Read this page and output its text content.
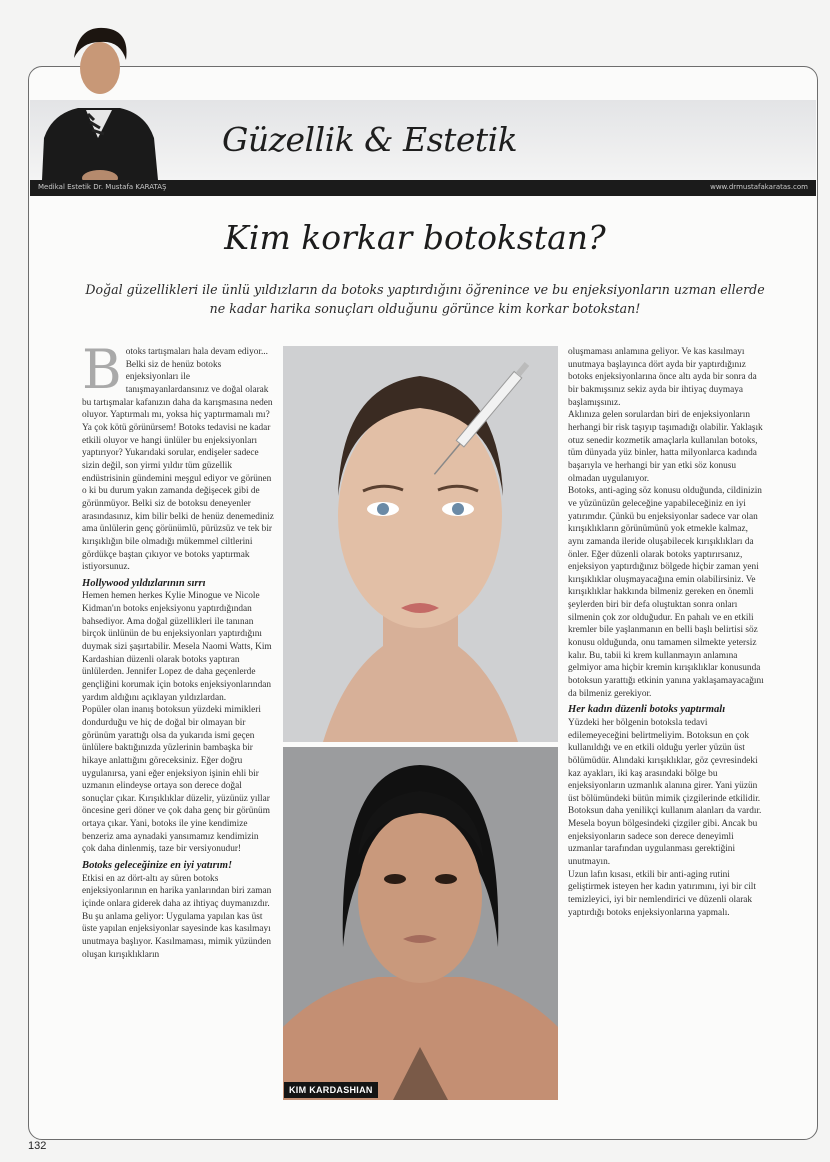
Güzellik & Estetik
Medikal Estetik Dr. Mustafa KARATAŞ	www.drmustafakaratas.com
Kim korkar botokstan?
Doğal güzellikleri ile ünlü yıldızların da botoks yaptırdığını öğrenince ve bu enjeksiyonların uzman ellerde ne kadar harika sonuçları olduğunu görünce kim korkar botokstan!
B otoks tartışmaları hala devam ediyor... Belki siz de henüz botoks enjeksiyonları ile tanışmayanlardansınız ve doğal olarak bu tartışmalar kafanızın daha da karışmasına neden oluyor. Yaptırmalı mı, yoksa hiç yaptırmamalı mı? Ya çok kötü görünürsem! Botoks tedavisi ne kadar etkili oluyor ve hangi ünlüler bu enjeksiyonları yaptırıyor? Yukarıdaki sorular, endişeler sadece sizin değil, son yirmi yıldır tüm güzellik endüstrisinin gündemini meşgul ediyor ve görünen o ki bu durum yakın zamanda değişecek gibi de görünmüyor. Belki siz de botoksu deneyenler arasındasınız, kim bilir belki de henüz denemediniz ama ünlülerin genç görünümlü, pürüzsüz ve tek bir kırışıklığın bile olmadığı mükemmel ciltlerini gördükçe baştan çıkıyor ve botoks yaptırmak istiyorsunuz.

Hollywood yıldızlarının sırrı

Hemen hemen herkes Kylie Minogue ve Nicole Kidman'ın botoks enjeksiyonu yaptırdığından bahsediyor. Ama doğal güzellikleri ile tanınan birçok ünlünün de bu enjeksiyonları yaptırdığını duymak sizi şaşırtabilir. Mesela Naomi Watts, Kim Kardashian düzenli olarak botoks yaptıran ünlülerden. Jennifer Lopez de daha geçenlerde gençliğini korumak için botoks enjeksiyonlarından yardım aldığını açıklayan yıldızlardan.

Popüler olan inanış botoksun yüzdeki mimikleri dondurduğu ve hiç de doğal bir olmayan bir görünüm yarattığı olsa da yukarıda ismi geçen ünlülere baktığınızda yüzlerinin bambaşka bir hikaye anlattığını göreceksiniz. Eğer doğru uygulanırsa, yani eğer enjeksiyon işinin ehli bir uzmanın elindeyse ortaya son derece doğal sonuçlar çıkar. Kırışıklıklar düzelir, yüzünüz yıllar öncesine geri döner ve çok daha genç bir görünüm ortaya çıkar. Yani, botoks ile yine kendimize benzeriz ama aynadaki yansımamız kendimizin çok daha dinlenmiş, taze bir versiyonudur!

Botoks geleceğinize en iyi yatırım!

Etkisi en az dört-altı ay süren botoks enjeksiyonlarının en harika yanlarından biri zaman içinde onlara giderek daha az ihtiyaç duymanızdır. Bu şu anlama geliyor: Uygulama yapılan kas üst üste yapılan enjeksiyonlar sayesinde kas kasılmayı unutmaya başlıyor. Kasılmaması, mimik yüzünden oluşan kırışıklıkların

KIM KARDASHIAN

oluşmaması anlamına geliyor. Ve kas kasılmayı unutmaya başlayınca dört ayda bir yaptırdığınız botoks enjeksiyonlarına önce altı ayda bir sonra da bir bakmışsınız sekiz ayda bir ihtiyaç duymaya başlamışsınız.

Aklınıza gelen sorulardan biri de enjeksiyonların herhangi bir risk taşıyıp taşımadığı olabilir. Yaklaşık otuz senedir kozmetik amaçlarla kullanılan botoks, tüm dünyada yüz binler, hatta milyonlarca kadında başarıyla ve herhangi bir yan etki söz konusu olmadan uygulanıyor.

Botoks, anti-aging söz konusu olduğunda, cildinizin ve yüzünüzün geleceğine yapabileceğiniz en iyi yatırımdır. Çünkü bu enjeksiyonlar sadece var olan kırışıklıkların görünümünü yok etmekle kalmaz, aynı zamanda ileride oluşabilecek kırışıklıkları da önler. Eğer düzenli olarak botoks yaptırırsanız, enjeksiyon yaptırdığınız bölgede hiçbir zaman yeni kırışıklıklar oluşmayacağına emin olabilirsiniz. Ve kırışıklıklar hakkında bilmeniz gereken en önemli şeylerden biri bir defa oluştuktan sonra onları silmenin çok zor olduğudur. En pahalı ve en etkili kremler bile yaşlanmanın en belli başlı belirtisi söz konusu olduğunda, onu tamamen silmekte yetersiz kalır. Bu, tabii ki krem kullanmayın anlamına gelmiyor ama hiçbir kremin kırışıklıklar konusunda botoksun yarattığı etkinin yanına yaklaşamayacağını da bilmeniz gerekiyor.

Her kadın düzenli botoks yaptırmalı

Yüzdeki her bölgenin botoksla tedavi edilemeyeceğini belirtmeliyim. Botoksun en çok kullanıldığı ve en etkili olduğu yerler yüzün üst bölümüdür. Alındaki kırışıklıklar, göz çevresindeki kaz ayakları, iki kaş arasındaki bölge bu enjeksiyonların uzmanlık alanına girer. Yani yüzün üst bölümündeki bütün mimik çizgilerinde etkilidir. Botoksun daha yenilikçi kullanım alanları da vardır. Mesela boyun bölgesindeki çizgiler gibi. Ancak bu enjeksiyonların sadece son derece deneyimli uzmanlar tarafından uygulanması gerektiğini unutmayın.

Uzun lafın kısası, etkili bir anti-aging rutini geliştirmek isteyen her kadın yatırımını, iyi bir cilt temizleyici, iyi bir nemlendirici ve düzenli olarak yaptırdığı botoks enjeksiyonlarına yapmalı.

132
